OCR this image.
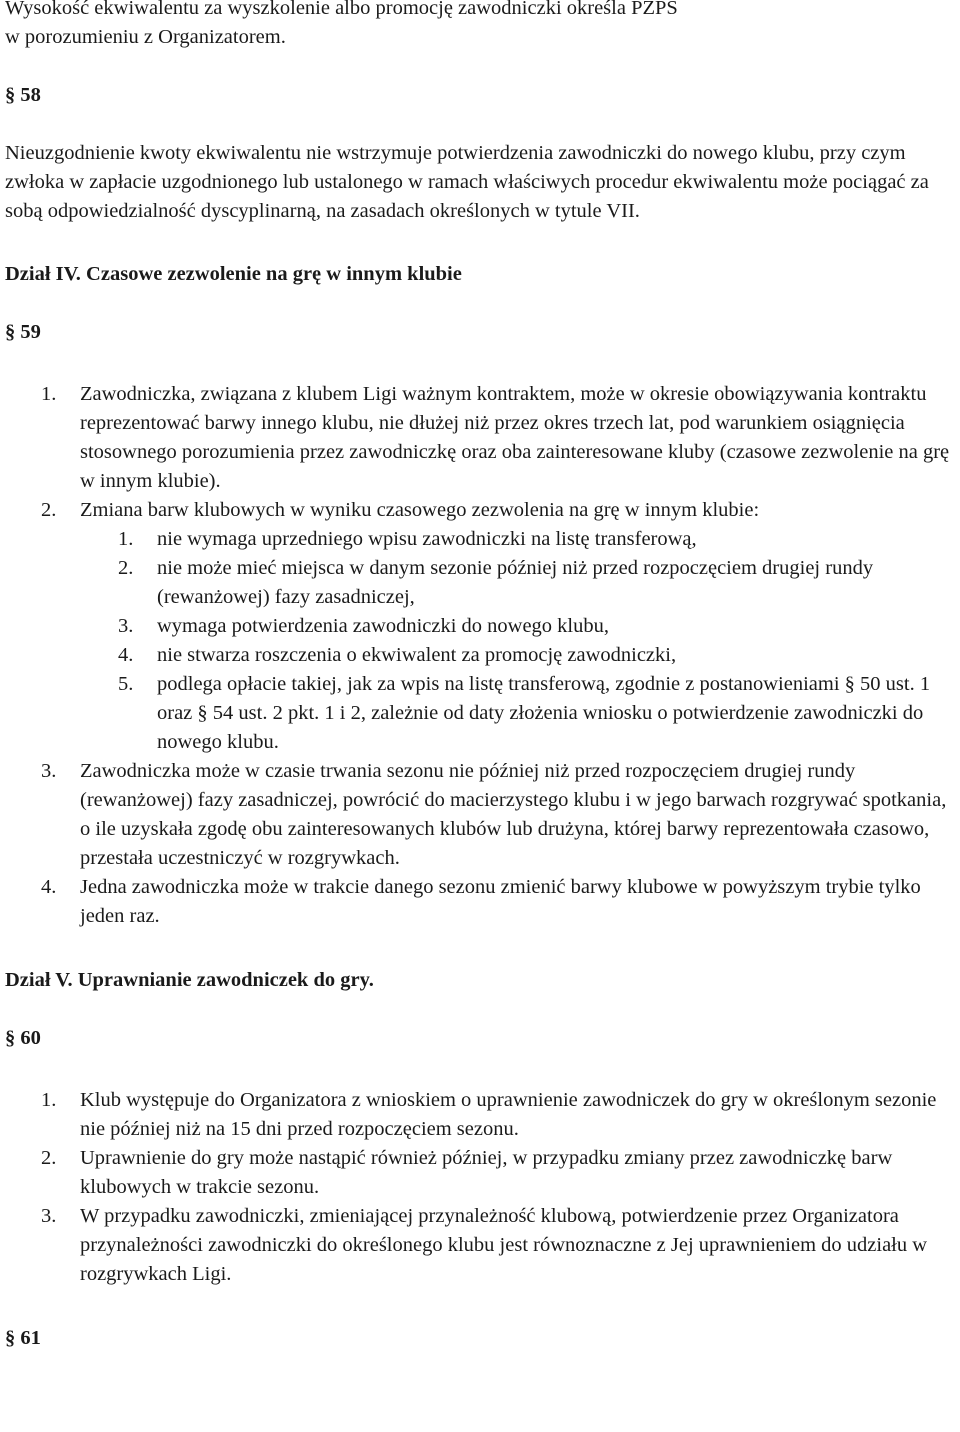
Wysokość ekwiwalentu za wyszkolenie albo promocję zawodniczki określa PZPS
w porozumieniu z Organizatorem.

§ 58

Nieuzgodnienie kwoty ekwiwalentu nie wstrzymuje potwierdzenia zawodniczki do nowego klubu, przy czym zwłoka w zapłacie uzgodnionego lub ustalonego w ramach właściwych procedur ekwiwalentu może pociągać za sobą odpowiedzialność dyscyplinarną, na zasadach określonych w tytule VII.

Dział IV. Czasowe zezwolenie na grę w innym klubie

§ 59

1. Zawodniczka, związana z klubem Ligi ważnym kontraktem, może w okresie obowiązywania kontraktu reprezentować barwy innego klubu, nie dłużej niż przez okres trzech lat, pod warunkiem osiągnięcia stosownego porozumienia przez zawodniczkę oraz oba zainteresowane kluby (czasowe zezwolenie na grę w innym klubie).
2. Zmiana barw klubowych w wyniku czasowego zezwolenia na grę w innym klubie:
1. nie wymaga uprzedniego wpisu zawodniczki na listę transferową,
2. nie może mieć miejsca w danym sezonie później niż przed rozpoczęciem drugiej rundy (rewanżowej) fazy zasadniczej,
3. wymaga potwierdzenia zawodniczki do nowego klubu,
4. nie stwarza roszczenia o ekwiwalent za promocję zawodniczki,
5. podlega opłacie takiej, jak za wpis na listę transferową, zgodnie z postanowieniami § 50 ust. 1 oraz § 54 ust. 2 pkt. 1 i 2, zależnie od daty złożenia wniosku o potwierdzenie zawodniczki do nowego klubu.
3. Zawodniczka może w czasie trwania sezonu nie później niż przed rozpoczęciem drugiej rundy (rewanżowej) fazy zasadniczej, powrócić do macierzystego klubu i w jego barwach rozgrywać spotkania, o ile uzyskała zgodę obu zainteresowanych klubów lub drużyna, której barwy reprezentowała czasowo, przestała uczestniczyć w rozgrywkach.
4. Jedna zawodniczka może w trakcie danego sezonu zmienić barwy klubowe w powyższym trybie tylko jeden raz.

Dział V. Uprawnianie zawodniczek do gry.

§ 60

1. Klub występuje do Organizatora z wnioskiem o uprawnienie zawodniczek do gry w określonym sezonie nie później niż na 15 dni przed rozpoczęciem sezonu.
2. Uprawnienie do gry może nastąpić również później, w przypadku zmiany przez zawodniczkę barw klubowych w trakcie sezonu.
3. W przypadku zawodniczki, zmieniającej przynależność klubową, potwierdzenie przez Organizatora przynależności zawodniczki do określonego klubu jest równoznaczne z Jej uprawnieniem do udziału w rozgrywkach Ligi.

§ 61
